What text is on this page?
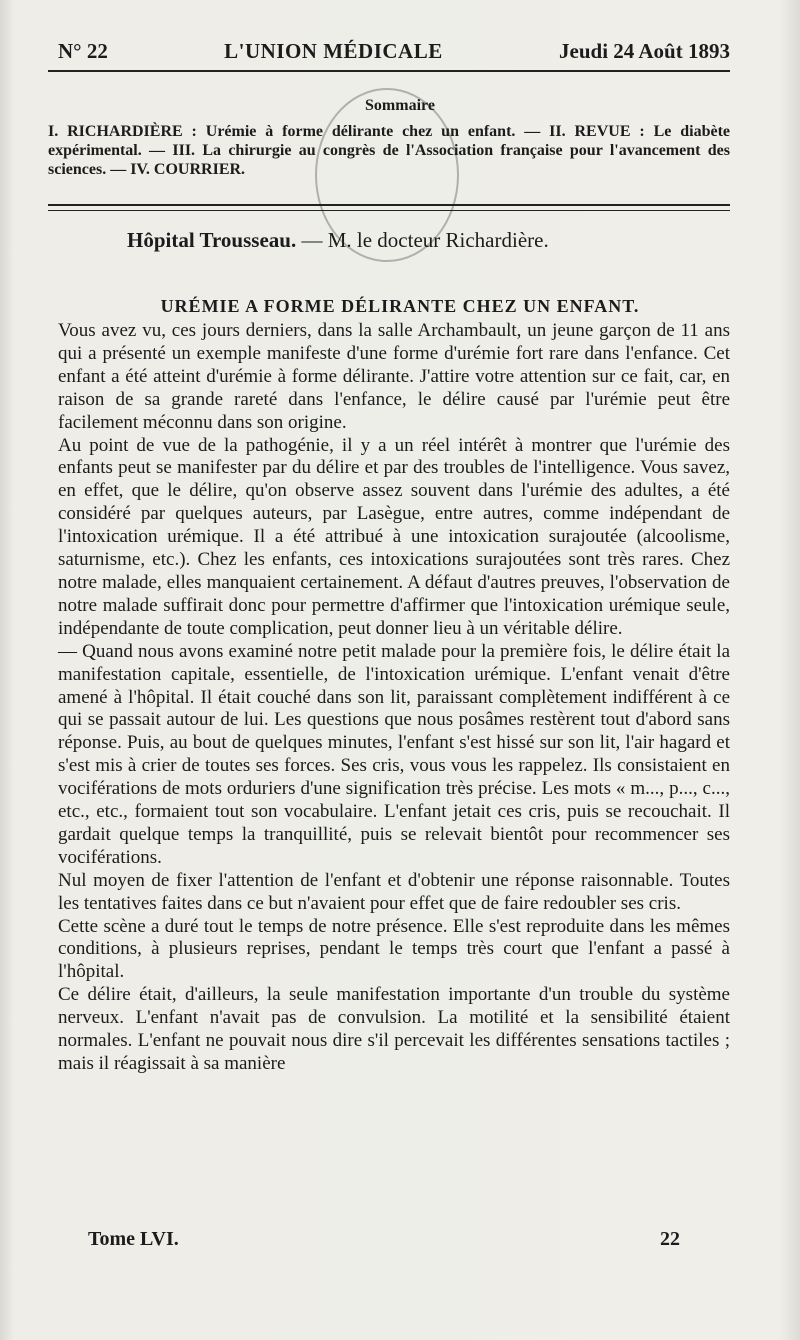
N° 22	L'UNION MÉDICALE	Jeudi 24 Août 1893
Sommaire
I. RICHARDIÈRE : Urémie à forme délirante chez un enfant. — II. REVUE : Le diabète expérimental. — III. La chirurgie au congrès de l'Association française pour l'avancement des sciences. — IV. COURRIER.
Hôpital Trousseau. — M. le docteur Richardière.
URÉMIE A FORME DÉLIRANTE CHEZ UN ENFANT.

Vous avez vu, ces jours derniers, dans la salle Archambault, un jeune garçon de 11 ans qui a présenté un exemple manifeste d'une forme d'urémie fort rare dans l'enfance. Cet enfant a été atteint d'urémie à forme délirante. J'attire votre attention sur ce fait, car, en raison de sa grande rareté dans l'enfance, le délire causé par l'urémie peut être facilement méconnu dans son origine.

Au point de vue de la pathogénie, il y a un réel intérêt à montrer que l'urémie des enfants peut se manifester par du délire et par des troubles de l'intelligence. Vous savez, en effet, que le délire, qu'on observe assez souvent dans l'urémie des adultes, a été considéré par quelques auteurs, par Lasègue, entre autres, comme indépendant de l'intoxication urémique. Il a été attribué à une intoxication surajoutée (alcoolisme, saturnisme, etc.). Chez les enfants, ces intoxications surajoutées sont très rares. Chez notre malade, elles manquaient certainement. A défaut d'autres preuves, l'observation de notre malade suffirait donc pour permettre d'affirmer que l'intoxication urémique seule, indépendante de toute complication, peut donner lieu à un véritable délire.

— Quand nous avons examiné notre petit malade pour la première fois, le délire était la manifestation capitale, essentielle, de l'intoxication urémique. L'enfant venait d'être amené à l'hôpital. Il était couché dans son lit, paraissant complètement indifférent à ce qui se passait autour de lui. Les questions que nous posâmes restèrent tout d'abord sans réponse. Puis, au bout de quelques minutes, l'enfant s'est hissé sur son lit, l'air hagard et s'est mis à crier de toutes ses forces. Ses cris, vous vous les rappelez. Ils consistaient en vociférations de mots orduriers d'une signification très précise. Les mots « m..., p..., c..., etc., etc., formaient tout son vocabulaire. L'enfant jetait ces cris, puis se recouchait. Il gardait quelque temps la tranquillité, puis se relevait bientôt pour recommencer ses vociférations.

Nul moyen de fixer l'attention de l'enfant et d'obtenir une réponse raisonnable. Toutes les tentatives faites dans ce but n'avaient pour effet que de faire redoubler ses cris.

Cette scène a duré tout le temps de notre présence. Elle s'est reproduite dans les mêmes conditions, à plusieurs reprises, pendant le temps très court que l'enfant a passé à l'hôpital.

Ce délire était, d'ailleurs, la seule manifestation importante d'un trouble du système nerveux. L'enfant n'avait pas de convulsion. La motilité et la sensibilité étaient normales. L'enfant ne pouvait nous dire s'il percevait les différentes sensations tactiles ; mais il réagissait à sa manière

Tome LVI.	22
